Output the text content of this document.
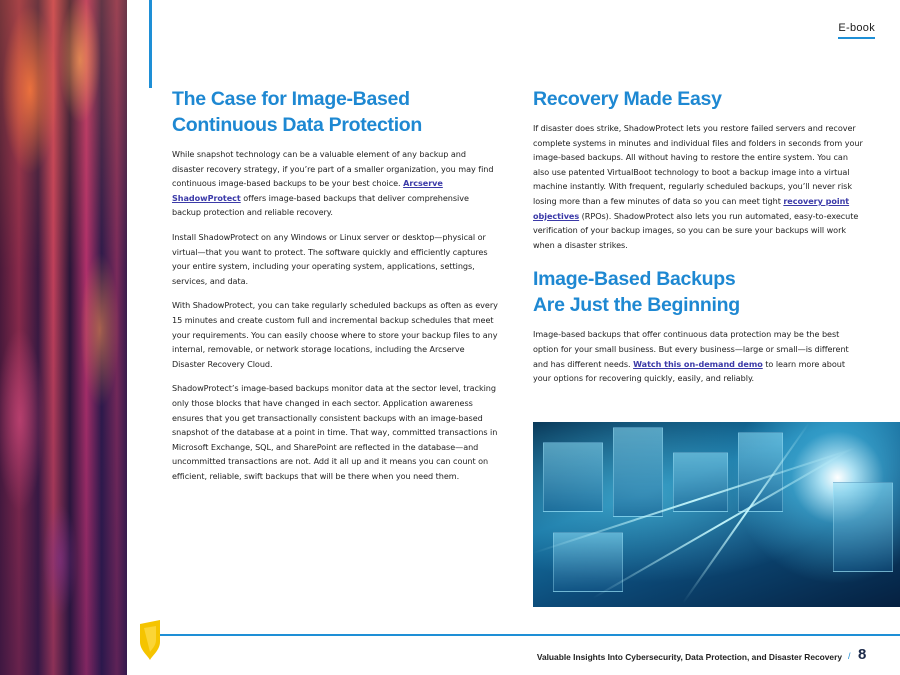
E-book
The Case for Image-Based
Continuous Data Protection

While snapshot technology can be a valuable element of any backup and disaster recovery strategy, if you’re part of a smaller organization, you may find continuous image-based backups to be your best choice. Arcserve ShadowProtect offers image-based backups that deliver comprehensive backup protection and reliable recovery.

Install ShadowProtect on any Windows or Linux server or desktop—physical or virtual—that you want to protect. The software quickly and efficiently captures your entire system, including your operating system, applications, settings, services, and data.

With ShadowProtect, you can take regularly scheduled backups as often as every 15 minutes and create custom full and incremental backup schedules that meet your requirements. You can easily choose where to store your backup files to any internal, removable, or network storage locations, including the Arcserve Disaster Recovery Cloud.

ShadowProtect’s image-based backups monitor data at the sector level, tracking only those blocks that have changed in each sector. Application awareness ensures that you get transactionally consistent backups with an image-based snapshot of the database at a point in time. That way, committed transactions in Microsoft Exchange, SQL, and SharePoint are reflected in the database—and uncommitted transactions are not. Add it all up and it means you can count on efficient, reliable, swift backups that will be there when you need them.

Recovery Made Easy

If disaster does strike, ShadowProtect lets you restore failed servers and recover complete systems in minutes and individual files and folders in seconds from your image-based backups. All without having to restore the entire system. You can also use patented VirtualBoot technology to boot a backup image into a virtual machine instantly. With frequent, regularly scheduled backups, you’ll never risk losing more than a few minutes of data so you can meet tight recovery point objectives (RPOs). ShadowProtect also lets you run automated, easy-to-execute verification of your backup images, so you can be sure your backups will work when a disaster strikes.

Image-Based Backups
Are Just the Beginning

Image-based backups that offer continuous data protection may be the best option for your small business. But every business—large or small—is different and has different needs. Watch this on-demand demo to learn more about your options for recovering quickly, easily, and reliably.

Valuable Insights Into Cybersecurity, Data Protection, and Disaster Recovery / 8
